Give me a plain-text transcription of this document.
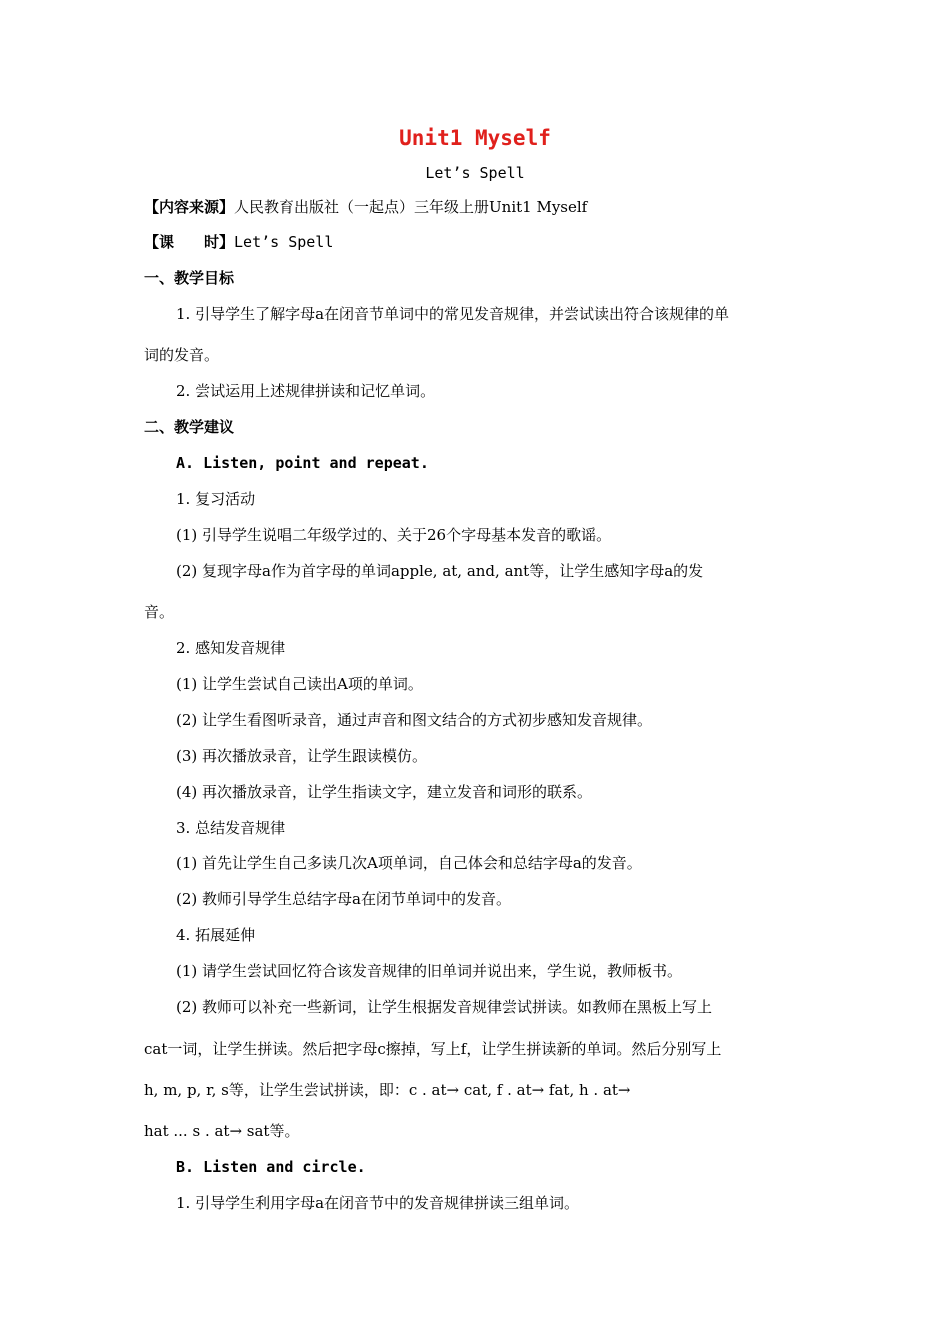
Unit1 Myself
Let’s Spell
【内容来源】人民教育出版社（一起点）三年级上册Unit1 Myself
【课　　时】Let’s Spell
一、教学目标
1. 引导学生了解字母a在闭音节单词中的常见发音规律，并尝试读出符合该规律的单
词的发音。
2. 尝试运用上述规律拼读和记忆单词。
二、教学建议
A. Listen, point and repeat.
1. 复习活动
(1) 引导学生说唱二年级学过的、关于26个字母基本发音的歌谣。
(2) 复现字母a作为首字母的单词apple, at, and, ant等，让学生感知字母a的发
音。
2. 感知发音规律
(1) 让学生尝试自己读出A项的单词。
(2) 让学生看图听录音，通过声音和图文结合的方式初步感知发音规律。
(3) 再次播放录音，让学生跟读模仿。
(4) 再次播放录音，让学生指读文字，建立发音和词形的联系。
3. 总结发音规律
(1) 首先让学生自己多读几次A项单词，自己体会和总结字母a的发音。
(2) 教师引导学生总结字母a在闭节单词中的发音。
4. 拓展延伸
(1) 请学生尝试回忆符合该发音规律的旧单词并说出来，学生说，教师板书。
(2) 教师可以补充一些新词，让学生根据发音规律尝试拼读。如教师在黑板上写上
cat一词，让学生拼读。然后把字母c擦掉，写上f，让学生拼读新的单词。然后分别写上
h, m, p, r, s等，让学生尝试拼读，即：c . at→ cat, f . at→ fat, h . at→
hat ... s . at→ sat等。
B. Listen and circle.
1. 引导学生利用字母a在闭音节中的发音规律拼读三组单词。
